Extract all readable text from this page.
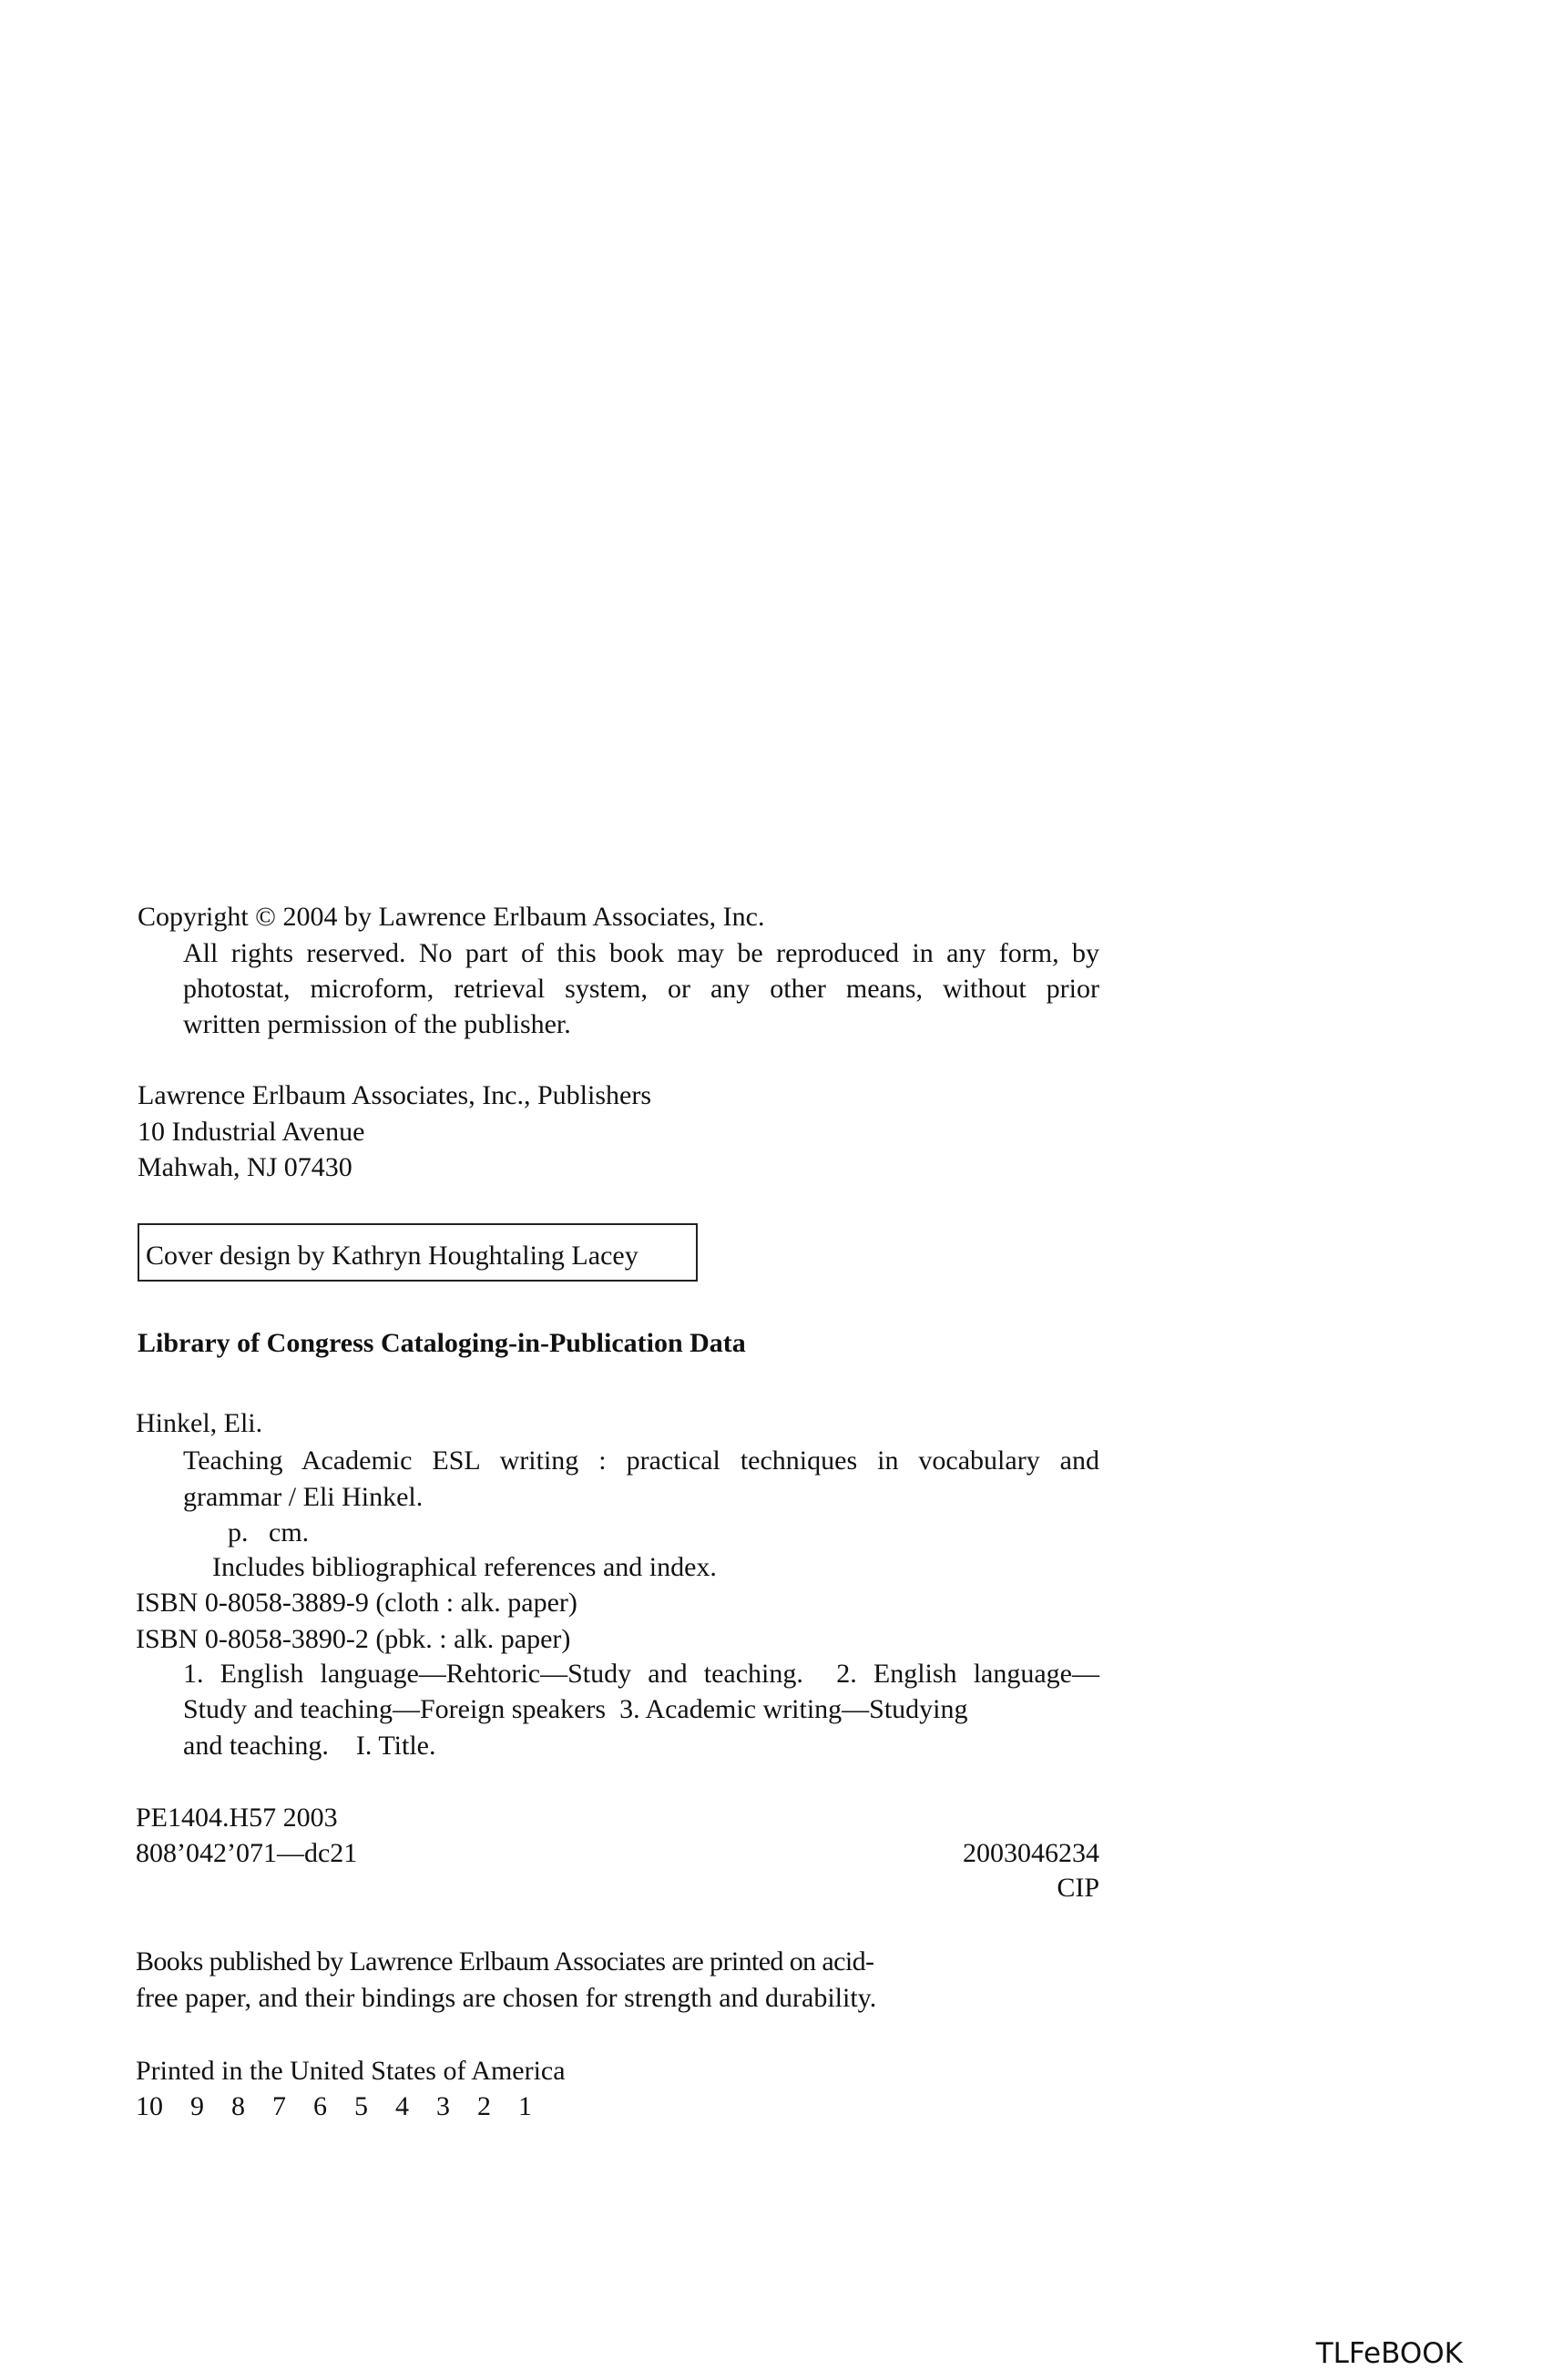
Copyright © 2004 by Lawrence Erlbaum Associates, Inc.
All rights reserved. No part of this book may be reproduced in any form, by
photostat, microform, retrieval system, or any other means, without prior
written permission of the publisher.
Lawrence Erlbaum Associates, Inc., Publishers
10 Industrial Avenue
Mahwah, NJ 07430
Cover design by Kathryn Houghtaling Lacey
Library of Congress Cataloging-in-Publication Data
Hinkel, Eli.
Teaching Academic ESL writing : practical techniques in vocabulary and
grammar / Eli Hinkel.
p.   cm.
Includes bibliographical references and index.
ISBN 0-8058-3889-9 (cloth : alk. paper)
ISBN 0-8058-3890-2 (pbk. : alk. paper)
1. English language—Rehtoric—Study and teaching.  2. English language—
Study and teaching—Foreign speakers  3. Academic writing—Studying
and teaching.    I. Title.
PE1404.H57 2003
808’042’071—dc21	2003046234
CIP
Books published by Lawrence Erlbaum Associates are printed on acid-
free paper, and their bindings are chosen for strength and durability.
Printed in the United States of America
10    9    8    7    6    5    4    3    2    1
TLFeBOOK
